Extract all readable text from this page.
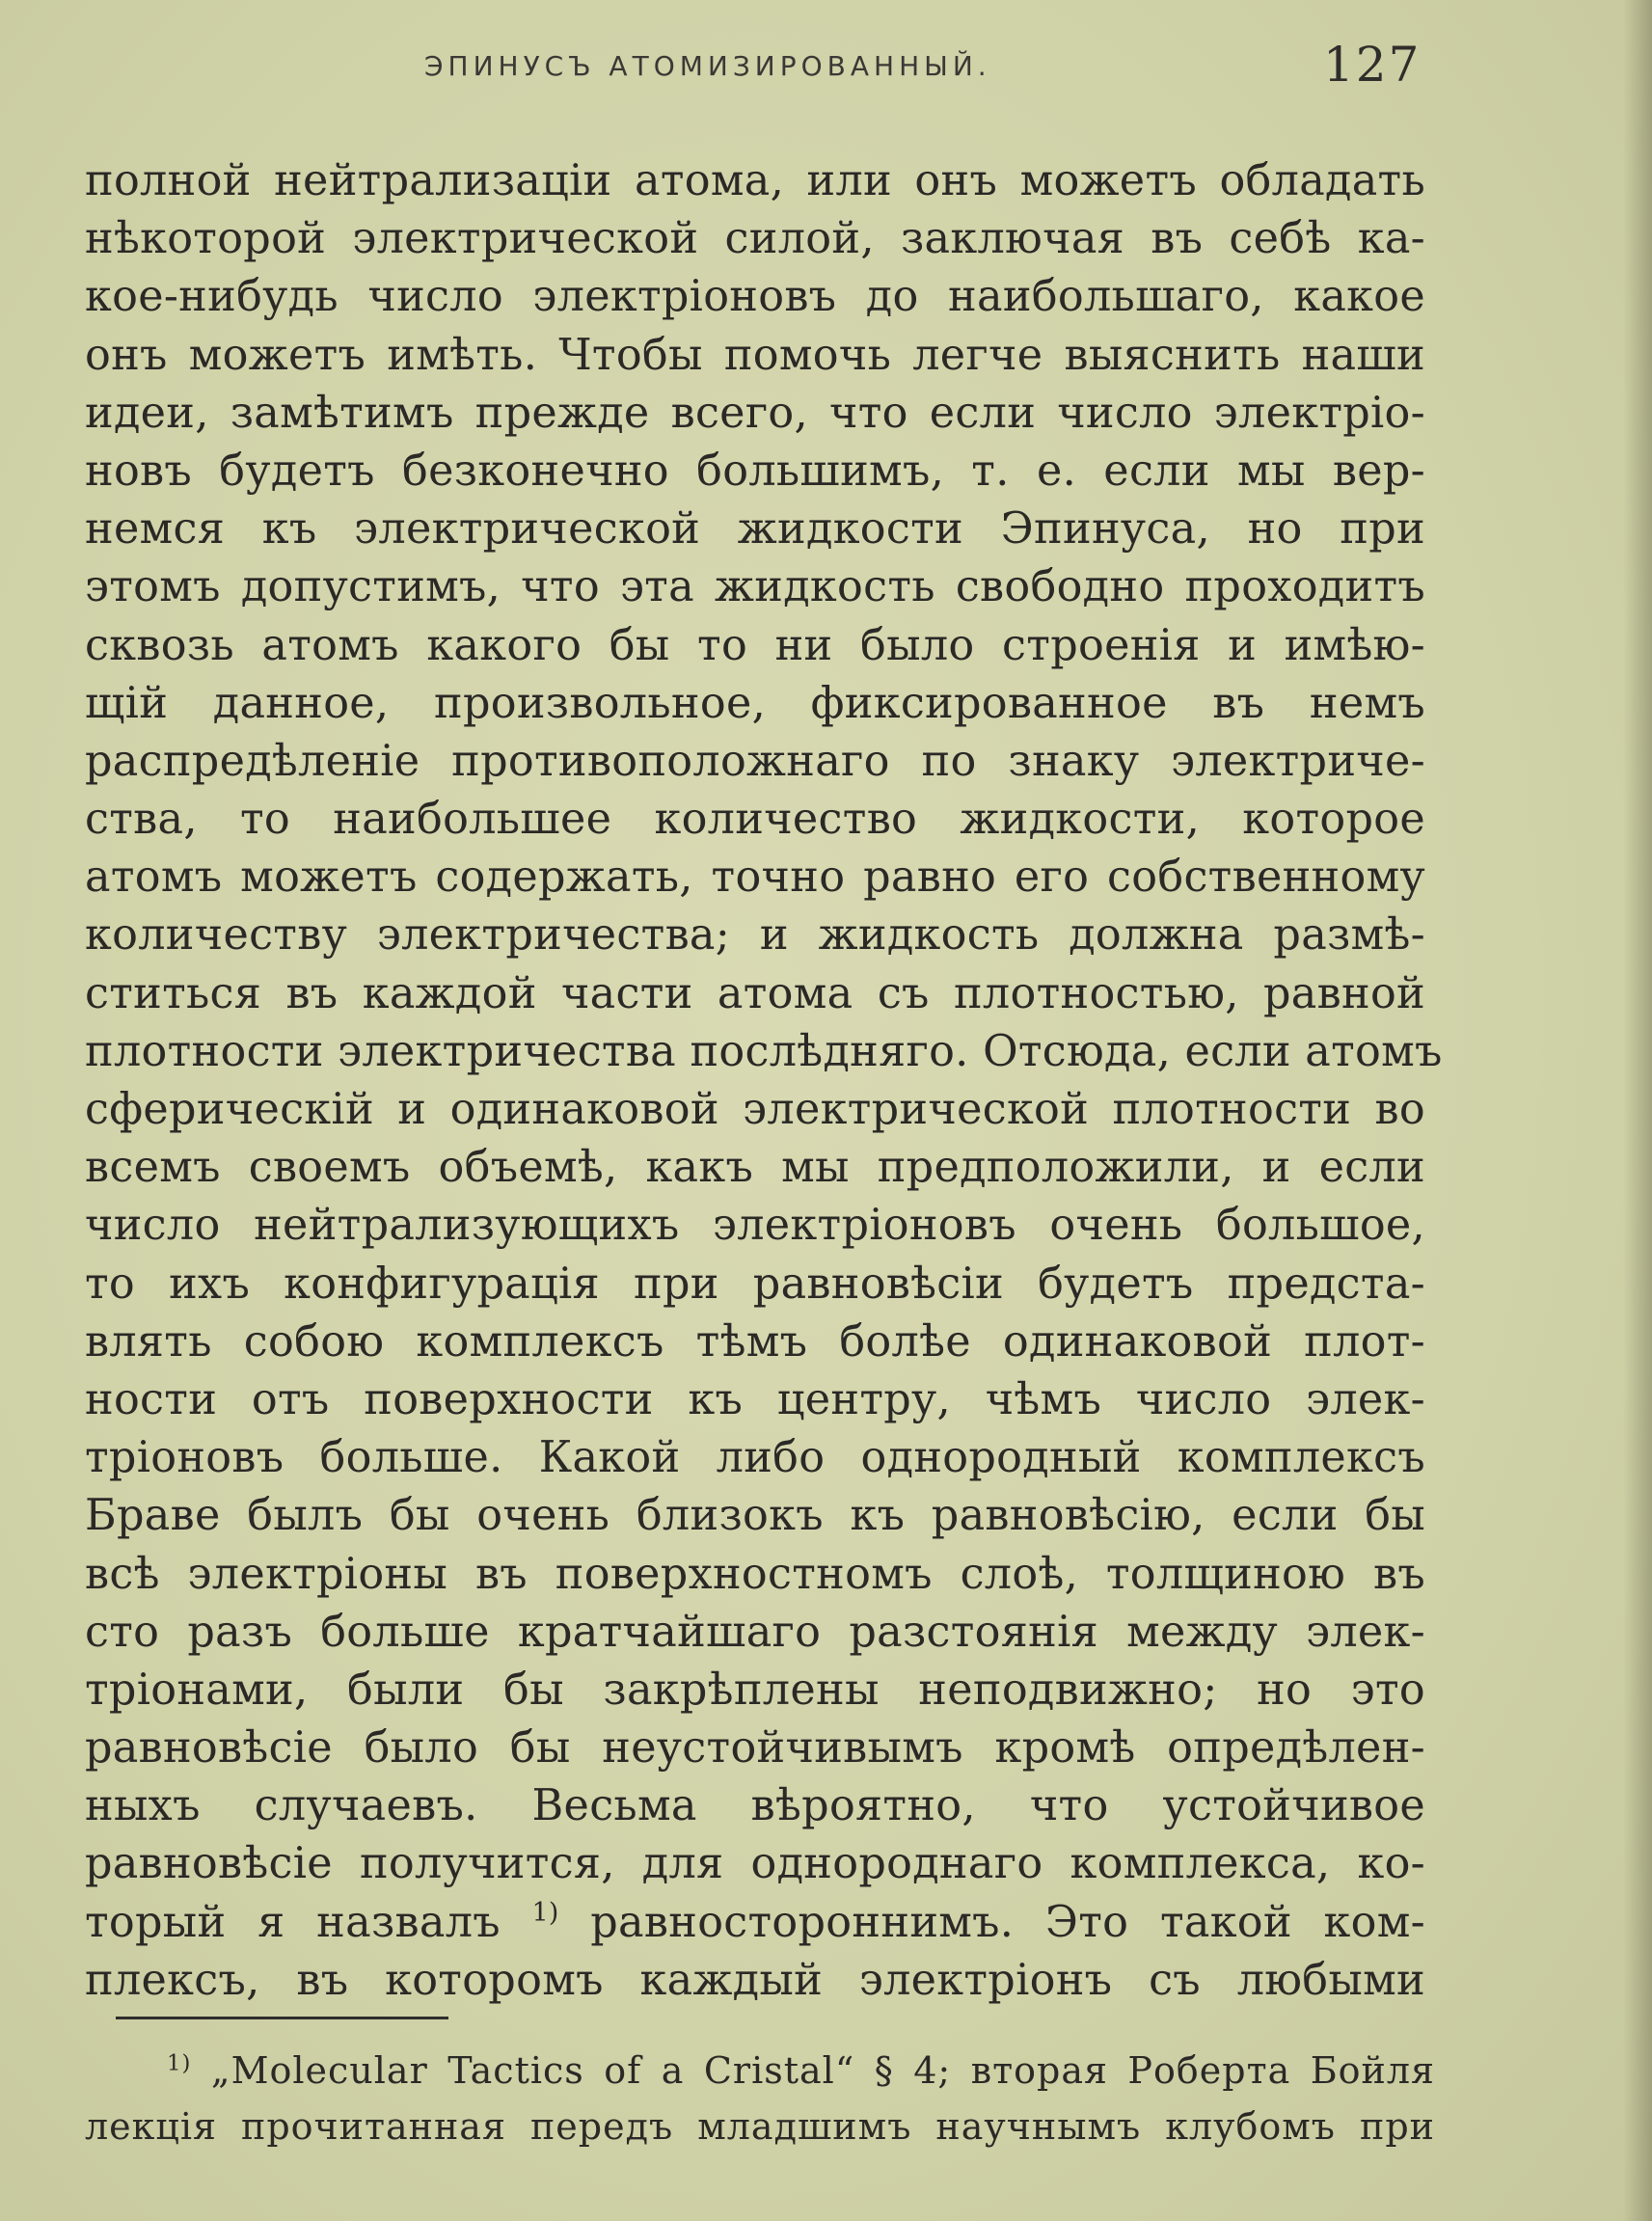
ЭПИНУСЪ АТОМИЗИРОВАННЫЙ.	127
полной нейтрализацiи атома, или онъ можетъ обладать
нѣкоторой электрической силой, заключая въ себѣ ка-
кое-нибудь число электрiоновъ до наибольшаго, какое
онъ можетъ имѣть. Чтобы помочь легче выяснить наши
идеи, замѣтимъ прежде всего, что если число электрiо-
новъ будетъ безконечно большимъ, т. е. если мы вер-
немся къ электрической жидкости Эпинуса, но при
этомъ допустимъ, что эта жидкость свободно проходитъ
сквозь атомъ какого бы то ни было строенiя и имѣю-
щiй данное, произвольное, фиксированное въ немъ
распредѣленiе противоположнаго по знаку электриче-
ства, то наибольшее количество жидкости, которое
атомъ можетъ содержать, точно равно его собственному
количеству электричества; и жидкость должна размѣ-
ститься въ каждой части атома съ плотностью, равной
плотности электричества послѣдняго. Отсюда, если атомъ
сферическiй и одинаковой электрической плотности во
всемъ своемъ объемѣ, какъ мы предположили, и если
число нейтрализующихъ электрiоновъ очень большое,
то ихъ конфигурацiя при равновѣсiи будетъ предста-
влять собою комплексъ тѣмъ болѣе одинаковой плот-
ности отъ поверхности къ центру, чѣмъ число элек-
трiоновъ больше. Какой либо однородный комплексъ
Браве былъ бы очень близокъ къ равновѣсiю, если бы
всѣ электрiоны въ поверхностномъ слоѣ, толщиною въ
сто разъ больше кратчайшаго разстоянiя между элек-
трiонами, были бы закрѣплены неподвижно; но это
равновѣсiе было бы неустойчивымъ кромѣ опредѣлен-
ныхъ случаевъ. Весьма вѣроятно, что устойчивое
равновѣсiе получится, для однороднаго комплекса, ко-
торый я назвалъ $^{1)}$ равностороннимъ. Это такой ком-
плексъ, въ которомъ каждый электрiонъ съ любыми
$^{1)}$ „Molecular Tactics of a Cristal“ § 4; вторая Роберта Бойля
лекцiя прочитанная передъ младшимъ научнымъ клубомъ при
